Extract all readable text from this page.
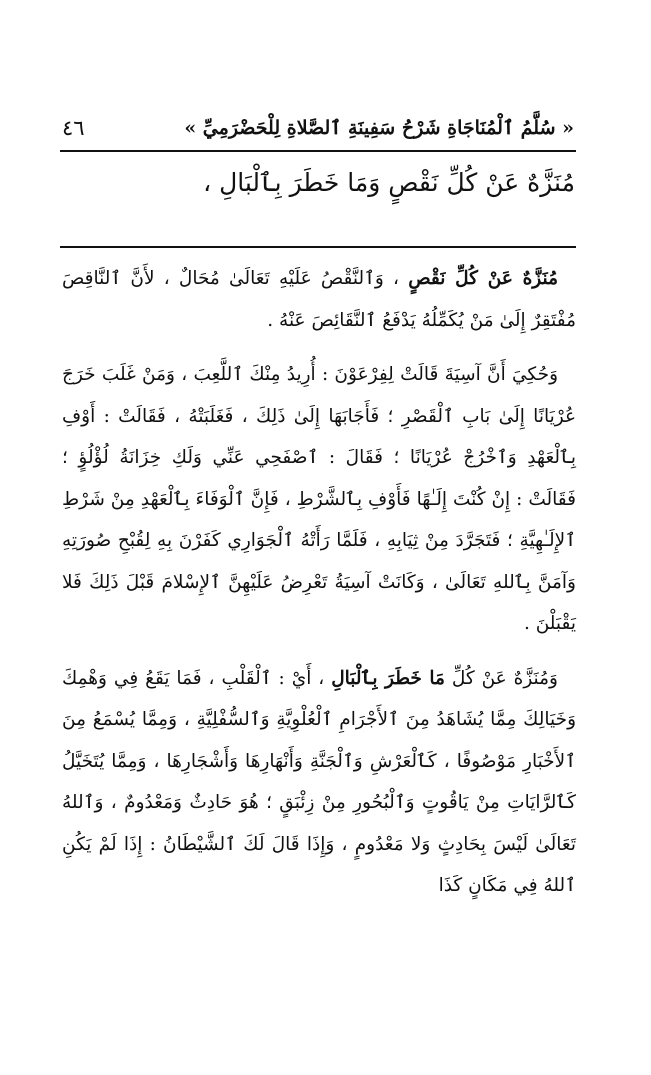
٤٦	« سُلَّمُ ٱلْمُنَاجَاةِ شَرْحُ سَفِينَةِ ٱلصَّلاةِ لِلْحَضْرَمِيِّ »
مُنَزَّهٌ عَنْ كُلِّ نَقْصٍ وَمَا خَطَرَ بِٱلْبَالِ ،

مُنَزَّهٌ عَنْ كُلِّ نَقْصٍ ، وَٱلنَّقْصُ عَلَيْهِ تَعَالَىٰ مُحَالٌ ، لأَنَّ ٱلنَّاقِصَ مُفْتَقِرٌ إِلَىٰ مَنْ يُكَمِّلُهُ يَدْفَعُ ٱلنَّقَائِصَ عَنْهُ .

وَحُكِيَ أَنَّ آسِيَةَ قَالَتْ لِفِرْعَوْنَ : أُرِيدُ مِنْكَ ٱللَّعِبَ ، وَمَنْ غَلَبَ خَرَجَ عُرْيَانًا إِلَىٰ بَابِ ٱلْقَصْرِ ؛ فَأَجَابَهَا إِلَىٰ ذَلِكَ ، فَغَلَبَتْهُ ، فَقَالَتْ : أَوْفِ بِٱلْعَهْدِ وَٱخْرُجْ عُرْيَانًا ؛ فَقَالَ : ٱصْفَحِي عَنِّي وَلَكِ خِزَانَةُ لُؤْلُؤٍ ؛ فَقَالَتْ : إِنْ كُنْتَ إِلَـٰهًا فَأَوْفِ بِٱلشَّرْطِ ، فَإِنَّ ٱلْوَفَاءَ بِٱلْعَهْدِ مِنْ شَرْطِ ٱلإِلَـٰهِيَّةِ ؛ فَتَجَرَّدَ مِنْ ثِيَابِهِ ، فَلَمَّا رَأَتْهُ ٱلْجَوَارِي كَفَرْنَ بِهِ لِقُبْحِ صُورَتِهِ وَآمَنَّ بِٱللهِ تَعَالَىٰ ، وَكَانَتْ آسِيَةُ تَعْرِضُ عَلَيْهِنَّ ٱلإِسْلامَ قَبْلَ ذَلِكَ فَلا يَقْبَلْنَ .

وَمُنَزَّهٌ عَنْ كُلِّ مَا خَطَرَ بِٱلْبَالِ ، أَيْ : ٱلْقَلْبِ ، فَمَا يَقَعُ فِي وَهْمِكَ وَخَيَالِكَ مِمَّا يُشَاهَدُ مِنَ ٱلأَجْرَامِ ٱلْعُلْوِيَّةِ وَٱلسُّفْلِيَّةِ ، وَمِمَّا يُسْمَعُ مِنَ ٱلأَخْبَارِ مَوْصُوفًا ، كَٱلْعَرْشِ وَٱلْجَنَّةِ وَأَنْهَارِهَا وَأَشْجَارِهَا ، وَمِمَّا يُتَخَيَّلُ كَٱلرَّايَاتِ مِنْ يَاقُوتٍ وَٱلْبُحُورِ مِنْ زِئْبَقٍ ؛ هُوَ حَادِثٌ وَمَعْدُومٌ ، وَٱللهُ تَعَالَىٰ لَيْسَ بِحَادِثٍ وَلا مَعْدُومٍ ، وَإِذَا قَالَ لَكَ ٱلشَّيْطَانُ : إِذَا لَمْ يَكُنِ ٱللهُ فِي مَكَانٍ كَذَا
